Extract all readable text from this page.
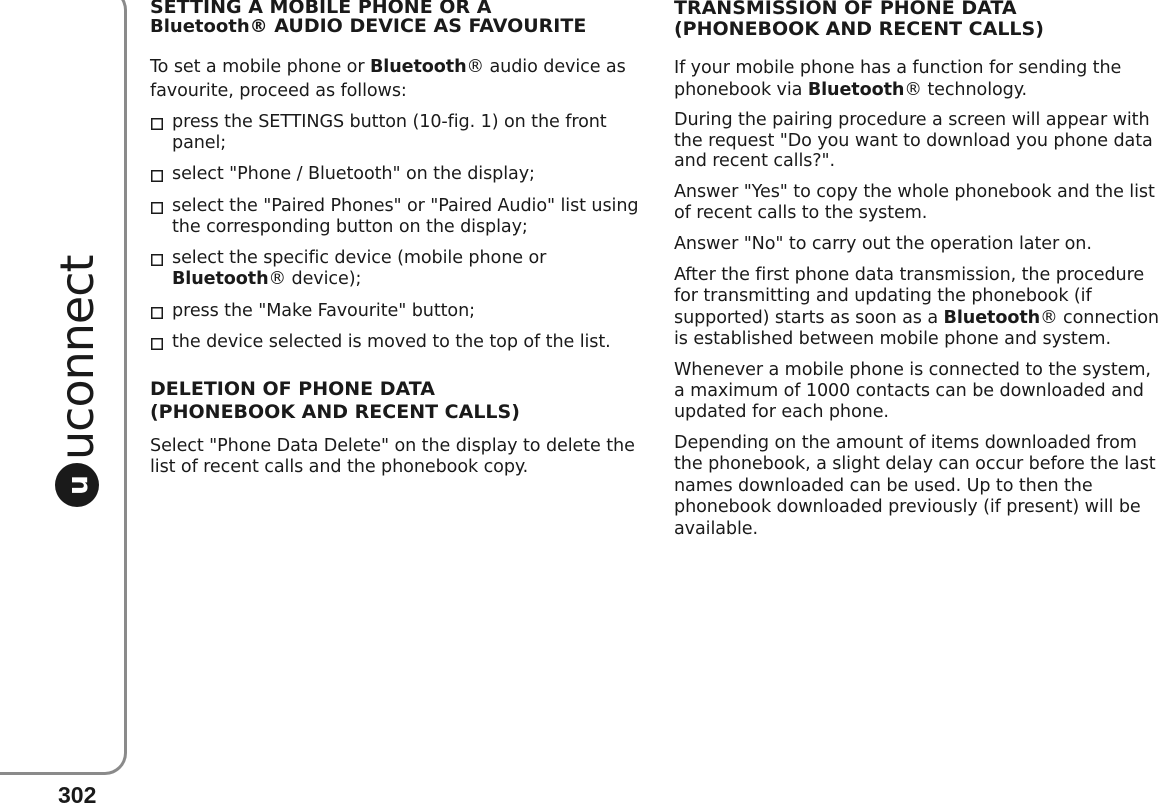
u
uconnect

302

SETTING A MOBILE PHONE OR A
Bluetooth® AUDIO DEVICE AS FAVOURITE

To set a mobile phone or Bluetooth® audio device as favourite, proceed as follows:

press the SETTINGS button (10-fig. 1) on the front panel;

select "Phone / Bluetooth" on the display;

select the "Paired Phones" or "Paired Audio" list using the corresponding button on the display;

select the specific device (mobile phone or Bluetooth® device);

press the "Make Favourite" button;

the device selected is moved to the top of the list.

DELETION OF PHONE DATA
(PHONEBOOK AND RECENT CALLS)

Select "Phone Data Delete" on the display to delete the list of recent calls and the phonebook copy.

TRANSMISSION OF PHONE DATA
(PHONEBOOK AND RECENT CALLS)

If your mobile phone has a function for sending the phonebook via Bluetooth® technology.

During the pairing procedure a screen will appear with the request "Do you want to download you phone data and recent calls?".

Answer "Yes" to copy the whole phonebook and the list of recent calls to the system.

Answer "No" to carry out the operation later on.

After the first phone data transmission, the procedure for transmitting and updating the phonebook (if supported) starts as soon as a Bluetooth® connection is established between mobile phone and system.

Whenever a mobile phone is connected to the system, a maximum of 1000 contacts can be downloaded and updated for each phone.

Depending on the amount of items downloaded from the phonebook, a slight delay can occur before the last names downloaded can be used. Up to then the phonebook downloaded previously (if present) will be available.
